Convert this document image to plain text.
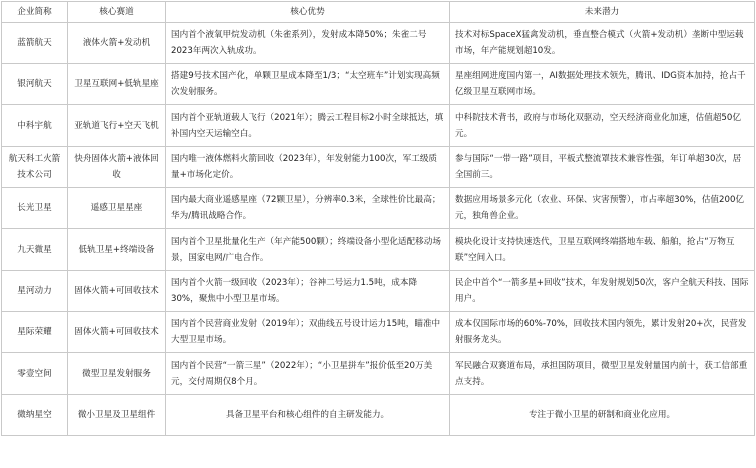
企业简称	核心赛道	核心优势	未来潜力
蓝箭航天	液体火箭+发动机	国内首个液氧甲烷发动机（朱雀系列），发射成本降50%；朱雀二号2023年两次入轨成功。	技术对标SpaceX猛禽发动机，垂直整合模式（火箭+发动机）垄断中型运载市场，年产能规划超10发。
银河航天	卫星互联网+低轨星座	搭建9号技术国产化，单颗卫星成本降至1/3；“太空班车”计划实现高频次发射服务。	星座组网进度国内第一，AI数据处理技术领先，腾讯、IDG资本加持，抢占千亿级卫星互联网市场。
中科宇航	亚轨道飞行+空天飞机	国内首个亚轨道载人飞行（2021年）；腾云工程目标2小时全球抵达，填补国内空天运输空白。	中科院技术背书，政府与市场化双驱动，空天经济商业化加速，估值超50亿元。
航天科工火箭技术公司	快舟固体火箭+液体回收	国内唯一液体燃料火箭回收（2023年），年发射能力100次，军工级质量+市场化定价。	参与国际“一带一路”项目，平板式整流罩技术兼容性强，年订单超30次，居全国前三。
长光卫星	遥感卫星星座	国内最大商业遥感星座（72颗卫星），分辨率0.3米，全球性价比最高；华为/腾讯战略合作。	数据应用场景多元化（农业、环保、灾害预警），市占率超30%，估值200亿元，独角兽企业。
九天微星	低轨卫星+终端设备	国内首个卫星批量化生产（年产能500颗）；终端设备小型化适配移动场景，国家电网/广电合作。	模块化设计支持快速迭代，卫星互联网终端搭地车载、船舶，抢占“万物互联”空间入口。
星河动力	固体火箭+可回收技术	国内首个火箭一级回收（2023年）；谷神二号运力1.5吨，成本降30%，聚焦中小型卫星市场。	民企中首个“一箭多星+回收”技术，年发射规划50次，客户全航天科技、国际用户。
星际荣耀	固体火箭+可回收技术	国内首个民营商业发射（2019年）；双曲线五号设计运力15吨，瞄准中大型卫星市场。	成本仅国际市场的60%-70%，回收技术国内领先，累计发射20+次，民营发射服务龙头。
零壹空间	微型卫星发射服务	国内首个民营“一箭三星”（2022年）；“小卫星拼车”报价低至20万美元，交付周期仅8个月。	军民融合双赛道布局，承担国防项目，微型卫星发射量国内前十，获工信部重点支持。
微纳星空	微小卫星及卫星组件	具备卫星平台和核心组件的自主研发能力。	专注于微小卫星的研制和商业化应用。
